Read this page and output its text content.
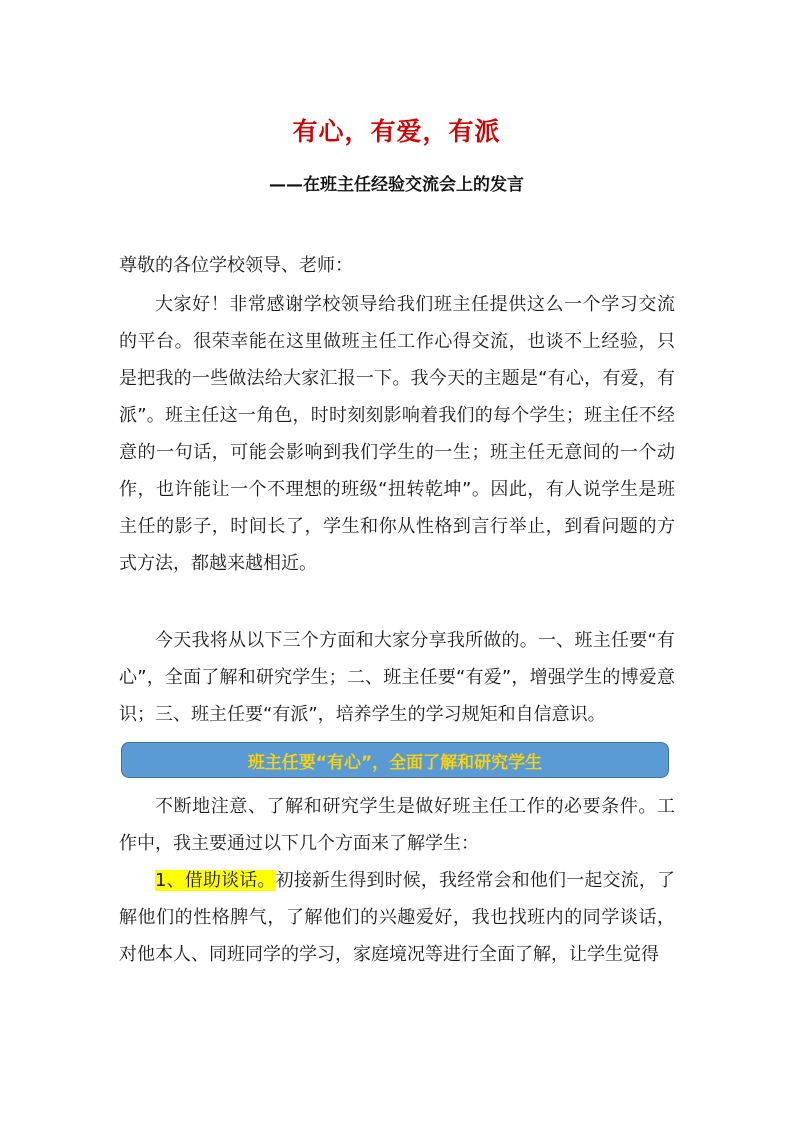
有心，有爱，有派
——在班主任经验交流会上的发言

尊敬的各位学校领导、老师：

大家好！非常感谢学校领导给我们班主任提供这么一个学习交流的平台。很荣幸能在这里做班主任工作心得交流，也谈不上经验，只是把我的一些做法给大家汇报一下。我今天的主题是“有心，有爱，有派”。班主任这一角色，时时刻刻影响着我们的每个学生；班主任不经意的一句话，可能会影响到我们学生的一生；班主任无意间的一个动作，也许能让一个不理想的班级“扭转乾坤”。因此，有人说学生是班主任的影子，时间长了，学生和你从性格到言行举止，到看问题的方式方法，都越来越相近。

今天我将从以下三个方面和大家分享我所做的。一、班主任要“有心”，全面了解和研究学生；二、班主任要“有爱”，增强学生的博爱意识；三、班主任要“有派”，培养学生的学习规矩和自信意识。

班主任要“有心”，全面了解和研究学生

不断地注意、了解和研究学生是做好班主任工作的必要条件。工作中，我主要通过以下几个方面来了解学生：

1、借助谈话。初接新生得到时候，我经常会和他们一起交流，了解他们的性格脾气，了解他们的兴趣爱好，我也找班内的同学谈话，对他本人、同班同学的学习，家庭境况等进行全面了解，让学生觉得
